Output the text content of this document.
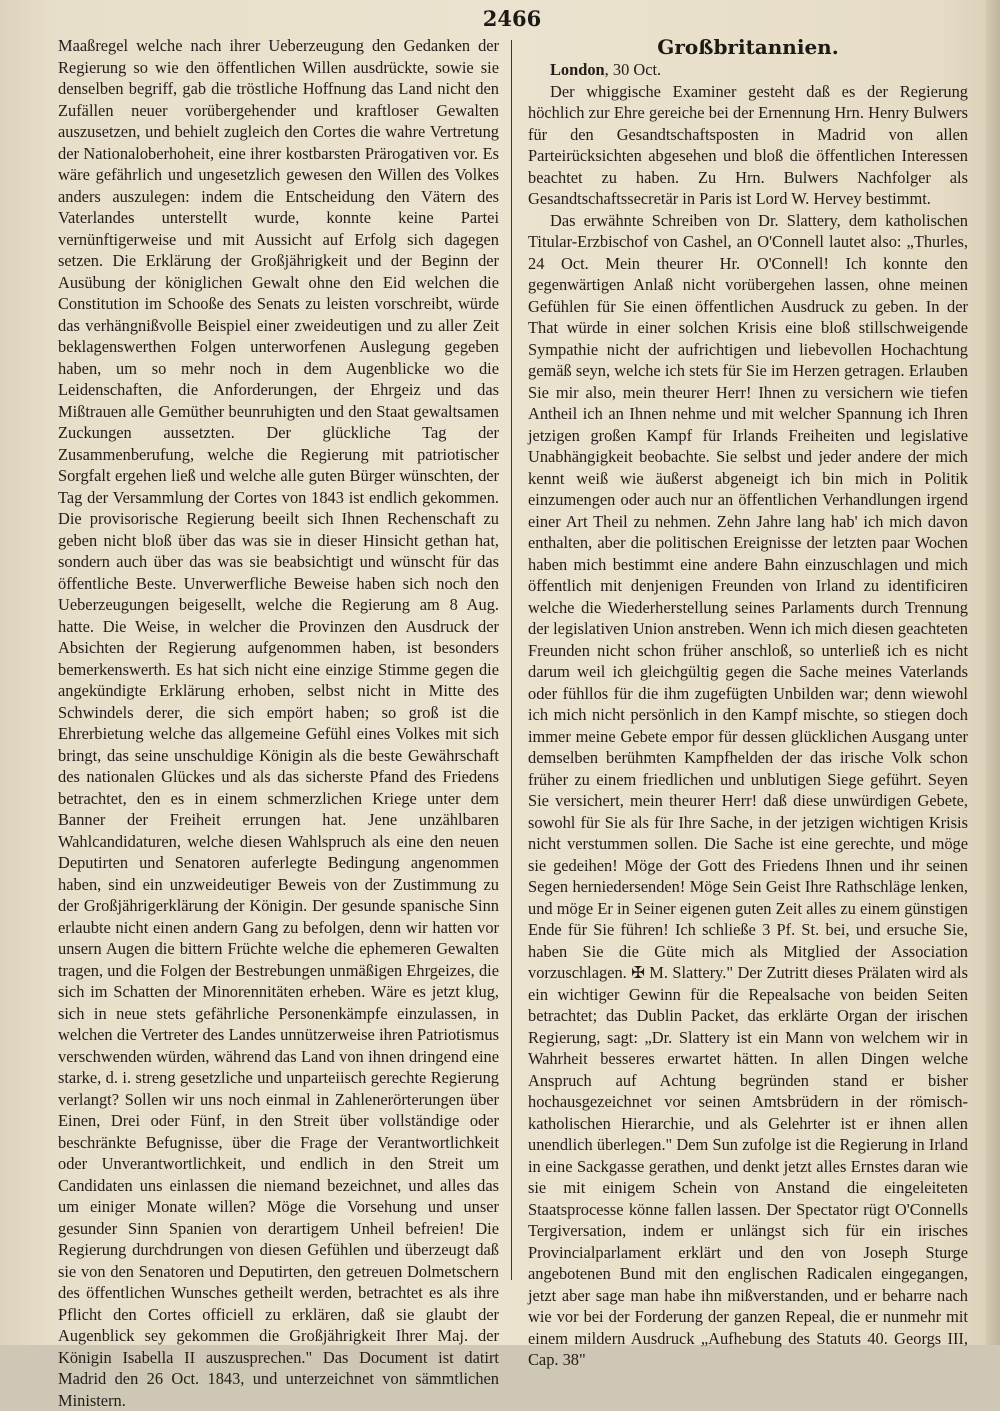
2466

Maaßregel welche nach ihrer Ueberzeugung den Gedanken der Regierung so wie den öffentlichen Willen ausdrückte, sowie sie denselben begriff, gab die tröstliche Hoffnung das Land nicht den Zufällen neuer vorübergehender und kraftloser Gewalten auszusetzen, und behielt zugleich den Cortes die wahre Vertretung der Nationaloberhoheit, eine ihrer kostbarsten Prärogativen vor. Es wäre gefährlich und ungesetzlich gewesen den Willen des Volkes anders auszulegen: indem die Entscheidung den Vätern des Vaterlandes unterstellt wurde, konnte keine Partei vernünftigerweise und mit Aussicht auf Erfolg sich dagegen setzen. Die Erklärung der Großjährigkeit und der Beginn der Ausübung der königlichen Gewalt ohne den Eid welchen die Constitution im Schooße des Senats zu leisten vorschreibt, würde das verhängnißvolle Beispiel einer zweideutigen und zu aller Zeit beklagenswerthen Folgen unterworfenen Auslegung gegeben haben, um so mehr noch in dem Augenblicke wo die Leidenschaften, die Anforderungen, der Ehrgeiz und das Mißtrauen alle Gemüther beunruhigten und den Staat gewaltsamen Zuckungen aussetzten. Der glückliche Tag der Zusammenberufung, welche die Regierung mit patriotischer Sorgfalt ergehen ließ und welche alle guten Bürger wünschten, der Tag der Versammlung der Cortes von 1843 ist endlich gekommen. Die provisorische Regierung beeilt sich Ihnen Rechenschaft zu geben nicht bloß über das was sie in dieser Hinsicht gethan hat, sondern auch über das was sie beabsichtigt und wünscht für das öffentliche Beste. Unverwerfliche Beweise haben sich noch den Ueberzeugungen beigesellt, welche die Regierung am 8 Aug. hatte. Die Weise, in welcher die Provinzen den Ausdruck der Absichten der Regierung aufgenommen haben, ist besonders bemerkenswerth. Es hat sich nicht eine einzige Stimme gegen die angekündigte Erklärung erhoben, selbst nicht in Mitte des Schwindels derer, die sich empört haben; so groß ist die Ehrerbietung welche das allgemeine Gefühl eines Volkes mit sich bringt, das seine unschuldige Königin als die beste Gewährschaft des nationalen Glückes und als das sicherste Pfand des Friedens betrachtet, den es in einem schmerzlichen Kriege unter dem Banner der Freiheit errungen hat. Jene unzählbaren Wahlcandidaturen, welche diesen Wahlspruch als eine den neuen Deputirten und Senatoren auferlegte Bedingung angenommen haben, sind ein unzweideutiger Beweis von der Zustimmung zu der Großjährigerklärung der Königin. Der gesunde spanische Sinn erlaubte nicht einen andern Gang zu befolgen, denn wir hatten vor unsern Augen die bittern Früchte welche die ephemeren Gewalten tragen, und die Folgen der Bestrebungen unmäßigen Ehrgeizes, die sich im Schatten der Minorennitäten erheben. Wäre es jetzt klug, sich in neue stets gefährliche Personenkämpfe einzulassen, in welchen die Vertreter des Landes unnützerweise ihren Patriotismus verschwenden würden, während das Land von ihnen dringend eine starke, d. i. streng gesetzliche und unparteiisch gerechte Regierung verlangt? Sollen wir uns noch einmal in Zahlenerörterungen über Einen, Drei oder Fünf, in den Streit über vollständige oder beschränkte Befugnisse, über die Frage der Verantwortlichkeit oder Unverantwortlichkeit, und endlich in den Streit um Candidaten uns einlassen die niemand bezeichnet, und alles das um einiger Monate willen? Möge die Vorsehung und unser gesunder Sinn Spanien von derartigem Unheil befreien! Die Regierung durchdrungen von diesen Gefühlen und überzeugt daß sie von den Senatoren und Deputirten, den getreuen Dolmetschern des öffentlichen Wunsches getheilt werden, betrachtet es als ihre Pflicht den Cortes officiell zu erklären, daß sie glaubt der Augenblick sey gekommen die Großjährigkeit Ihrer Maj. der Königin Isabella II auszusprechen." Das Document ist datirt Madrid den 26 Oct. 1843, und unterzeichnet von sämmtlichen Ministern.

Großbritannien.

London, 30 Oct.

Der whiggische Examiner gesteht daß es der Regierung höchlich zur Ehre gereiche bei der Ernennung Hrn. Henry Bulwers für den Gesandtschaftsposten in Madrid von allen Parteirücksichten abgesehen und bloß die öffentlichen Interessen beachtet zu haben. Zu Hrn. Bulwers Nachfolger als Gesandtschaftssecretär in Paris ist Lord W. Hervey bestimmt.

Das erwähnte Schreiben von Dr. Slattery, dem katholischen Titular-Erzbischof von Cashel, an O'Connell lautet also: „Thurles, 24 Oct. Mein theurer Hr. O'Connell! Ich konnte den gegenwärtigen Anlaß nicht vorübergehen lassen, ohne meinen Gefühlen für Sie einen öffentlichen Ausdruck zu geben. In der That würde in einer solchen Krisis eine bloß stillschweigende Sympathie nicht der aufrichtigen und liebevollen Hochachtung gemäß seyn, welche ich stets für Sie im Herzen getragen. Erlauben Sie mir also, mein theurer Herr! Ihnen zu versichern wie tiefen Antheil ich an Ihnen nehme und mit welcher Spannung ich Ihren jetzigen großen Kampf für Irlands Freiheiten und legislative Unabhängigkeit beobachte. Sie selbst und jeder andere der mich kennt weiß wie äußerst abgeneigt ich bin mich in Politik einzumengen oder auch nur an öffentlichen Verhandlungen irgend einer Art Theil zu nehmen. Zehn Jahre lang hab' ich mich davon enthalten, aber die politischen Ereignisse der letzten paar Wochen haben mich bestimmt eine andere Bahn einzuschlagen und mich öffentlich mit denjenigen Freunden von Irland zu identificiren welche die Wiederherstellung seines Parlaments durch Trennung der legislativen Union anstreben. Wenn ich mich diesen geachteten Freunden nicht schon früher anschloß, so unterließ ich es nicht darum weil ich gleichgültig gegen die Sache meines Vaterlands oder fühllos für die ihm zugefügten Unbilden war; denn wiewohl ich mich nicht persönlich in den Kampf mischte, so stiegen doch immer meine Gebete empor für dessen glücklichen Ausgang unter demselben berühmten Kampfhelden der das irische Volk schon früher zu einem friedlichen und unblutigen Siege geführt. Seyen Sie versichert, mein theurer Herr! daß diese unwürdigen Gebete, sowohl für Sie als für Ihre Sache, in der jetzigen wichtigen Krisis nicht verstummen sollen. Die Sache ist eine gerechte, und möge sie gedeihen! Möge der Gott des Friedens Ihnen und ihr seinen Segen herniedersenden! Möge Sein Geist Ihre Rathschläge lenken, und möge Er in Seiner eigenen guten Zeit alles zu einem günstigen Ende für Sie führen! Ich schließe 3 Pf. St. bei, und ersuche Sie, haben Sie die Güte mich als Mitglied der Association vorzuschlagen. ✠ M. Slattery." Der Zutritt dieses Prälaten wird als ein wichtiger Gewinn für die Repealsache von beiden Seiten betrachtet; das Dublin Packet, das erklärte Organ der irischen Regierung, sagt: „Dr. Slattery ist ein Mann von welchem wir in Wahrheit besseres erwartet hätten. In allen Dingen welche Anspruch auf Achtung begründen stand er bisher hochausgezeichnet vor seinen Amtsbrüdern in der römisch-katholischen Hierarchie, und als Gelehrter ist er ihnen allen unendlich überlegen." Dem Sun zufolge ist die Regierung in Irland in eine Sackgasse gerathen, und denkt jetzt alles Ernstes daran wie sie mit einigem Schein von Anstand die eingeleiteten Staatsprocesse könne fallen lassen. Der Spectator rügt O'Connells Tergiversation, indem er unlängst sich für ein irisches Provincialparlament erklärt und den von Joseph Sturge angebotenen Bund mit den englischen Radicalen eingegangen, jetzt aber sage man habe ihn mißverstanden, und er beharre nach wie vor bei der Forderung der ganzen Repeal, die er nunmehr mit einem mildern Ausdruck „Aufhebung des Statuts 40. Georgs III, Cap. 38"
